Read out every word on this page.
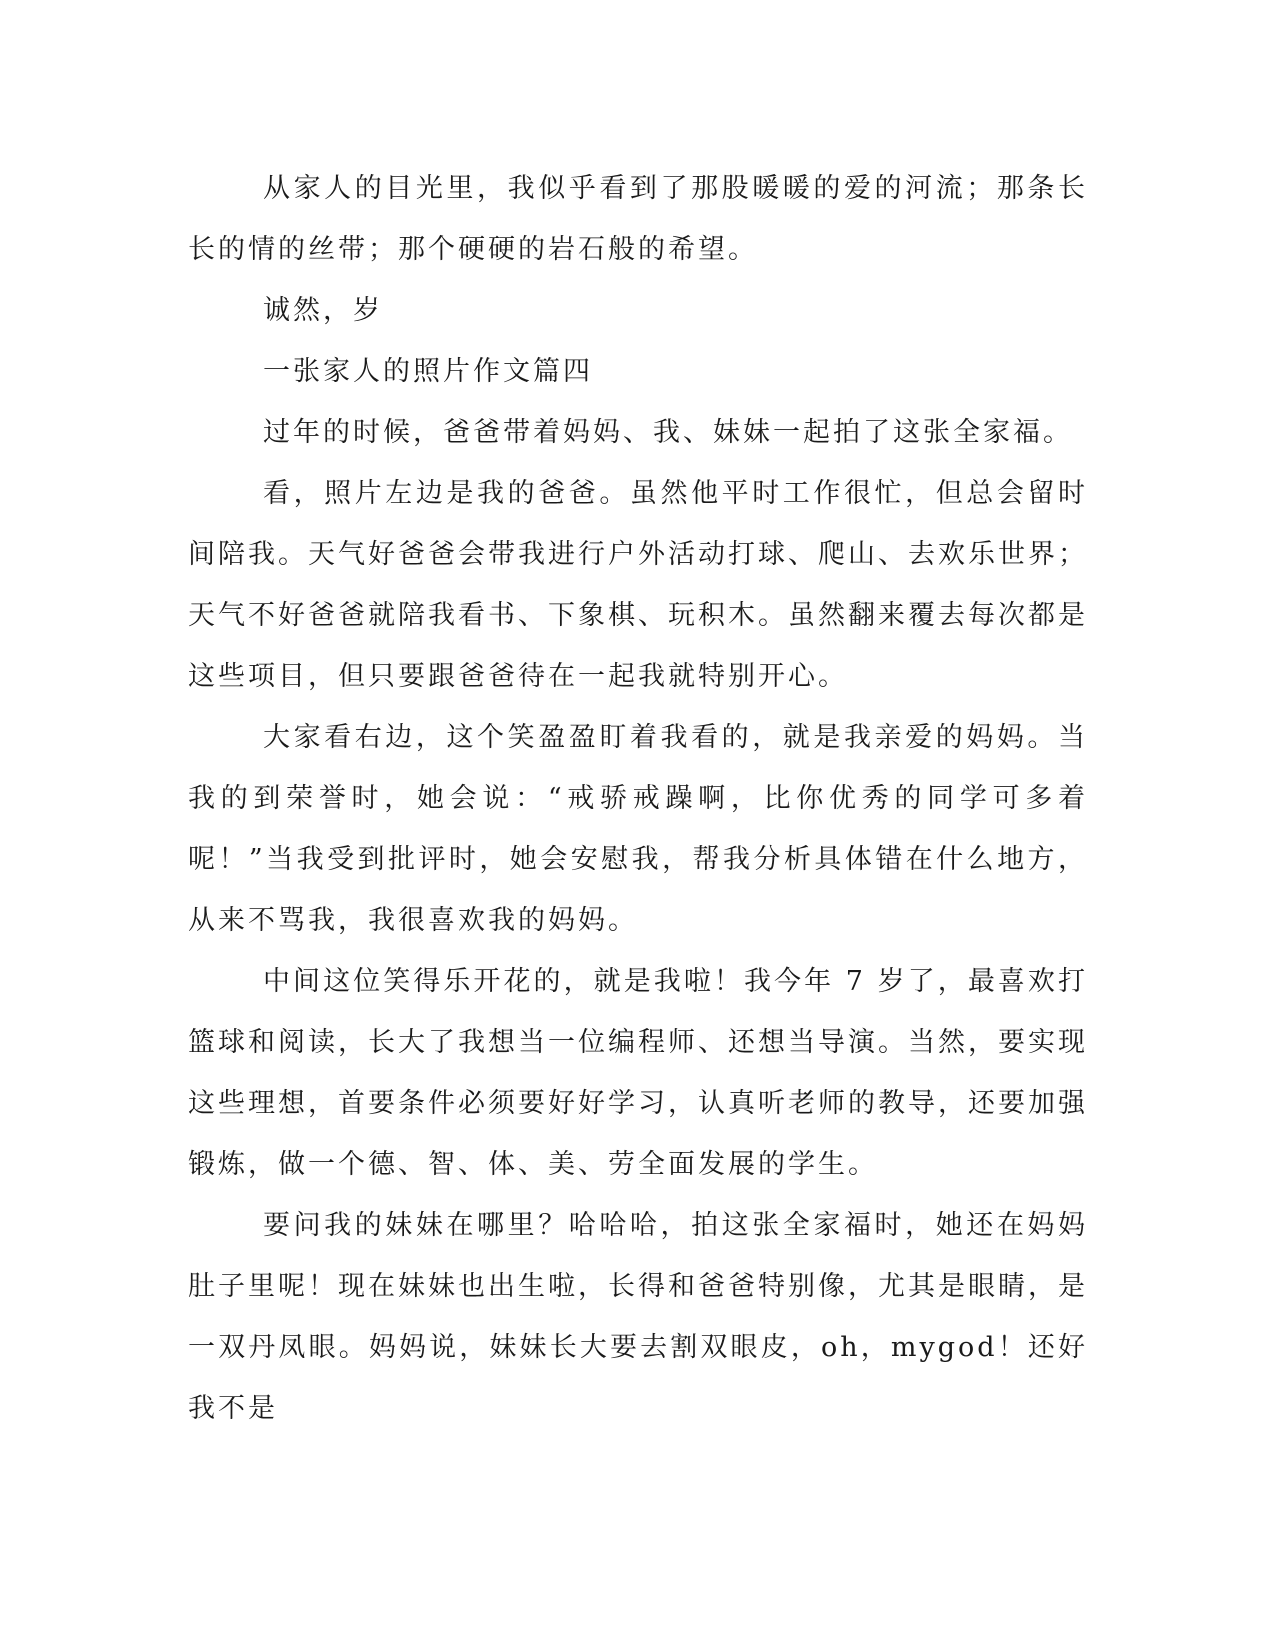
从家人的目光里，我似乎看到了那股暖暖的爱的河流；那条长长的情的丝带；那个硬硬的岩石般的希望。

诚然，岁

一张家人的照片作文篇四

过年的时候，爸爸带着妈妈、我、妹妹一起拍了这张全家福。

看，照片左边是我的爸爸。虽然他平时工作很忙，但总会留时间陪我。天气好爸爸会带我进行户外活动打球、爬山、去欢乐世界；天气不好爸爸就陪我看书、下象棋、玩积木。虽然翻来覆去每次都是这些项目，但只要跟爸爸待在一起我就特别开心。

大家看右边，这个笑盈盈盯着我看的，就是我亲爱的妈妈。当我的到荣誉时，她会说：“戒骄戒躁啊，比你优秀的同学可多着呢！”当我受到批评时，她会安慰我，帮我分析具体错在什么地方，从来不骂我，我很喜欢我的妈妈。

中间这位笑得乐开花的，就是我啦！我今年 7 岁了，最喜欢打篮球和阅读，长大了我想当一位编程师、还想当导演。当然，要实现这些理想，首要条件必须要好好学习，认真听老师的教导，还要加强锻炼，做一个德、智、体、美、劳全面发展的学生。

要问我的妹妹在哪里？哈哈哈，拍这张全家福时，她还在妈妈肚子里呢！现在妹妹也出生啦，长得和爸爸特别像，尤其是眼睛，是一双丹凤眼。妈妈说，妹妹长大要去割双眼皮，oh，mygod！还好我不是
